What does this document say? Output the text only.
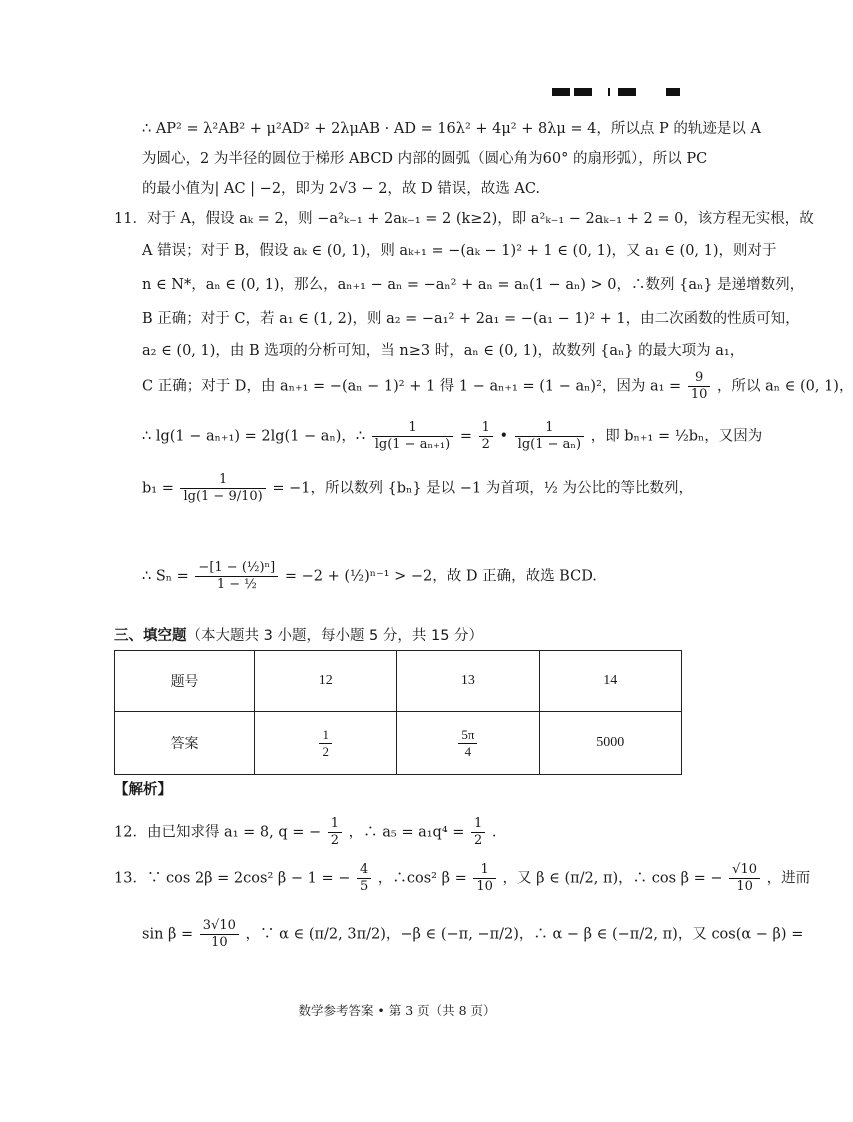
∴ AP² = λ²AB² + μ²AD² + 2λμAB · AD = 16λ² + 4μ² + 8λμ = 4，所以点 P 的轨迹是以 A
为圆心，2 为半径的圆位于梯形 ABCD 内部的圆弧（圆心角为60° 的扇形弧），所以 PC
的最小值为| AC | −2，即为 2√3 − 2，故 D 错误，故选 AC.
11．对于 A，假设 aₖ = 2，则 −a²ₖ₋₁ + 2aₖ₋₁ = 2 (k≥2)，即 a²ₖ₋₁ − 2aₖ₋₁ + 2 = 0，该方程无实根，故
A 错误；对于 B，假设 aₖ ∈ (0, 1)，则 aₖ₊₁ = −(aₖ − 1)² + 1 ∈ (0, 1)，又 a₁ ∈ (0, 1)，则对于
n ∈ N*，aₙ ∈ (0, 1)，那么，aₙ₊₁ − aₙ = −aₙ² + aₙ = aₙ(1 − aₙ) > 0，∴数列 {aₙ} 是递增数列，
B 正确；对于 C，若 a₁ ∈ (1, 2)，则 a₂ = −a₁² + 2a₁ = −(a₁ − 1)² + 1，由二次函数的性质可知，
a₂ ∈ (0, 1)，由 B 选项的分析可知，当 n≥3 时，aₙ ∈ (0, 1)，故数列 {aₙ} 的最大项为 a₁，
C 正确；对于 D，由 aₙ₊₁ = −(aₙ − 1)² + 1 得 1 − aₙ₊₁ = (1 − aₙ)²，因为 $a_1 = \frac{9}{10}$ ，所以 aₙ ∈ (0, 1)，
∴ lg(1 − aₙ₊₁) = 2lg(1 − aₙ)，∴ $\frac{1}{\text{lg(1 − aₙ₊₁)}} = \frac{1}{2}$ • $\frac{1}{\text{lg(1 − aₙ)}}$ ，即 bₙ₊₁ = ½bₙ，又因为
$b_1 = \frac{1}{\lg(1 - 9/10)} = -1$，所以数列 {bₙ} 是以 −1 为首项，½ 为公比的等比数列，
∴ $S_n = \frac{\text{−[1 − (½)ⁿ]}}{\text{1 − ½}} = -2$ + (½)ⁿ⁻¹ > −2，故 D 正确，故选 BCD.
三、填空题（本大题共 3 小题，每小题 5 分，共 15 分）
题号	12	13	14
答案	$\frac{1}{2}$	$\frac{5\pi}{4}$	5000
【解析】
12．由已知求得 a₁ = 8, q = − $\frac{1}{2}$ ，∴ $a_5 = a_1q^4 = \frac{1}{2}$ .
13．∵ cos 2β = 2cos² β − 1 = − $\frac{4}{5}$ ，∴cos² $\beta = \frac{1}{10}$ ，又 β ∈ (π/2, π)，∴ cos β = − $\frac{√10}{10}$ ，进而
$\sin \beta = \frac{3√10}{10}$ ，∵ α ∈ (π/2, 3π/2)，−β ∈ (−π, −π/2)，∴ α − β ∈ (−π/2, π)，又 cos(α − β) =
数学参考答案 • 第 3 页（共 8 页）
